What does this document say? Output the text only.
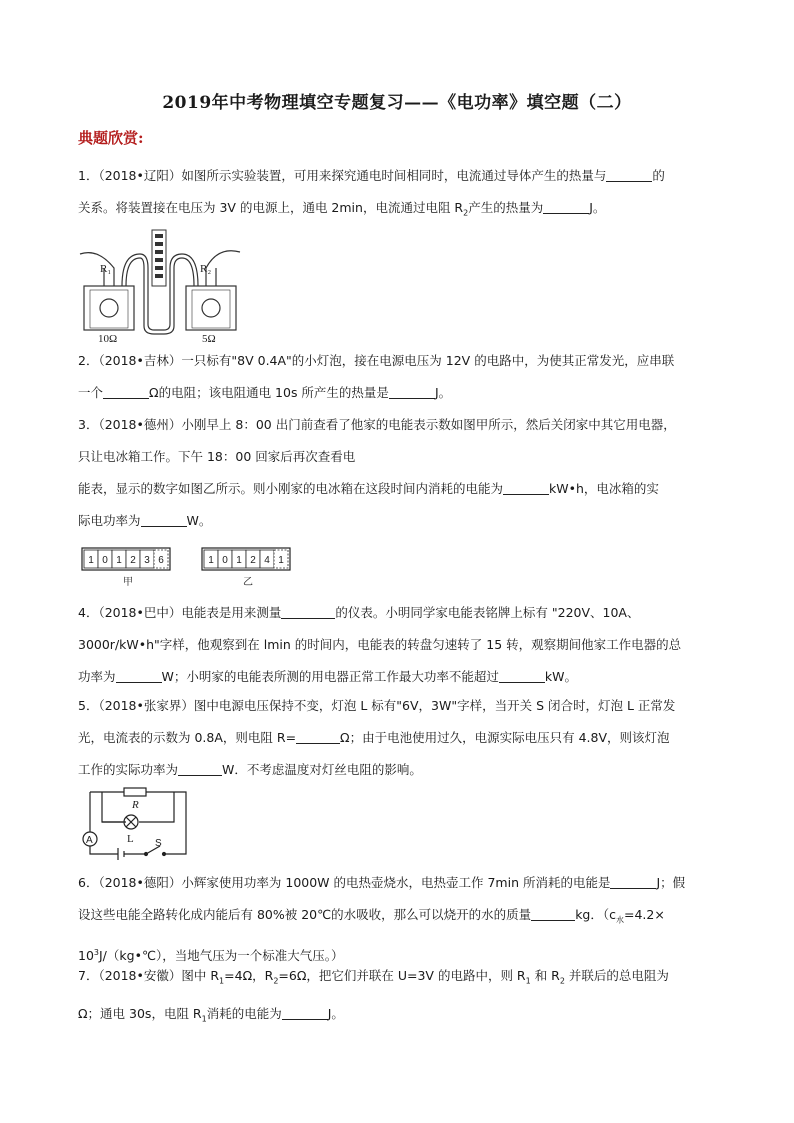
2019年中考物理填空专题复习——《电功率》填空题（二）
典题欣赏:

1．（2018•辽阳）如图所示实验装置，可用来探究通电时间相同时，电流通过导体产生的热量与	的

关系。将装置接在电压为 3V 的电源上，通电 2min，电流通过电阻 $R_2$产生的热量为	J。

R₁	R₂
10Ω	5Ω

2．（2018•吉林）一只标有"8V 0.4A"的小灯泡，接在电源电压为 12V 的电路中，为使其正常发光，应串联

一个	Ω的电阻；该电阻通电 10s 所产生的热量是	J。

3．（2018•德州）小刚早上 8：00 出门前查看了他家的电能表示数如图甲所示，然后关闭家中其它用电器，

只让电冰箱工作。下午 18：00 回家后再次查看电

能表，显示的数字如图乙所示。则小刚家的电冰箱在这段时间内消耗的电能为	kW•h，电冰箱的实

际电功率为	W。

1 0 1 2 3 6	1 0 1 2 4 1
甲	乙

4．（2018•巴中）电能表是用来测量	的仪表。小明同学家电能表铭牌上标有 "220V、10A、

3000r/kW•h"字样，他观察到在 lmin 的时间内，电能表的转盘匀速转了 15 转，观察期间他家工作电器的总

功率为	W；小明家的电能表所测的用电器正常工作最大功率不能超过	kW。

5．（2018•张家界）图中电源电压保持不变，灯泡 L 标有"6V，3W"字样，当开关 S 闭合时，灯泡 L 正常发

光，电流表的示数为 0.8A，则电阻 R=	Ω；由于电池使用过久，电源实际电压只有 4.8V，则该灯泡

工作的实际功率为	W．不考虑温度对灯丝电阻的影响。

R
L
A	S

6．（2018•德阳）小辉家使用功率为 1000W 的电热壶烧水，电热壶工作 7min 所消耗的电能是	J；假

设这些电能全路转化成内能后有 80%被 20℃的水吸收，那么可以烧开的水的质量	kg．（$c_水=4.2\times$

$10^3J/(kg•℃)$，当地气压为一个标准大气压。）

7．（2018•安徽）图中 $R_1=4\Omega$，$R_2=6\Omega$，把它们并联在 U=3V 的电路中，则 $R_1$ 和 $R_2$ 并联后的总电阻为

Ω；通电 30s，电阻 $R_1$消耗的电能为	J。
